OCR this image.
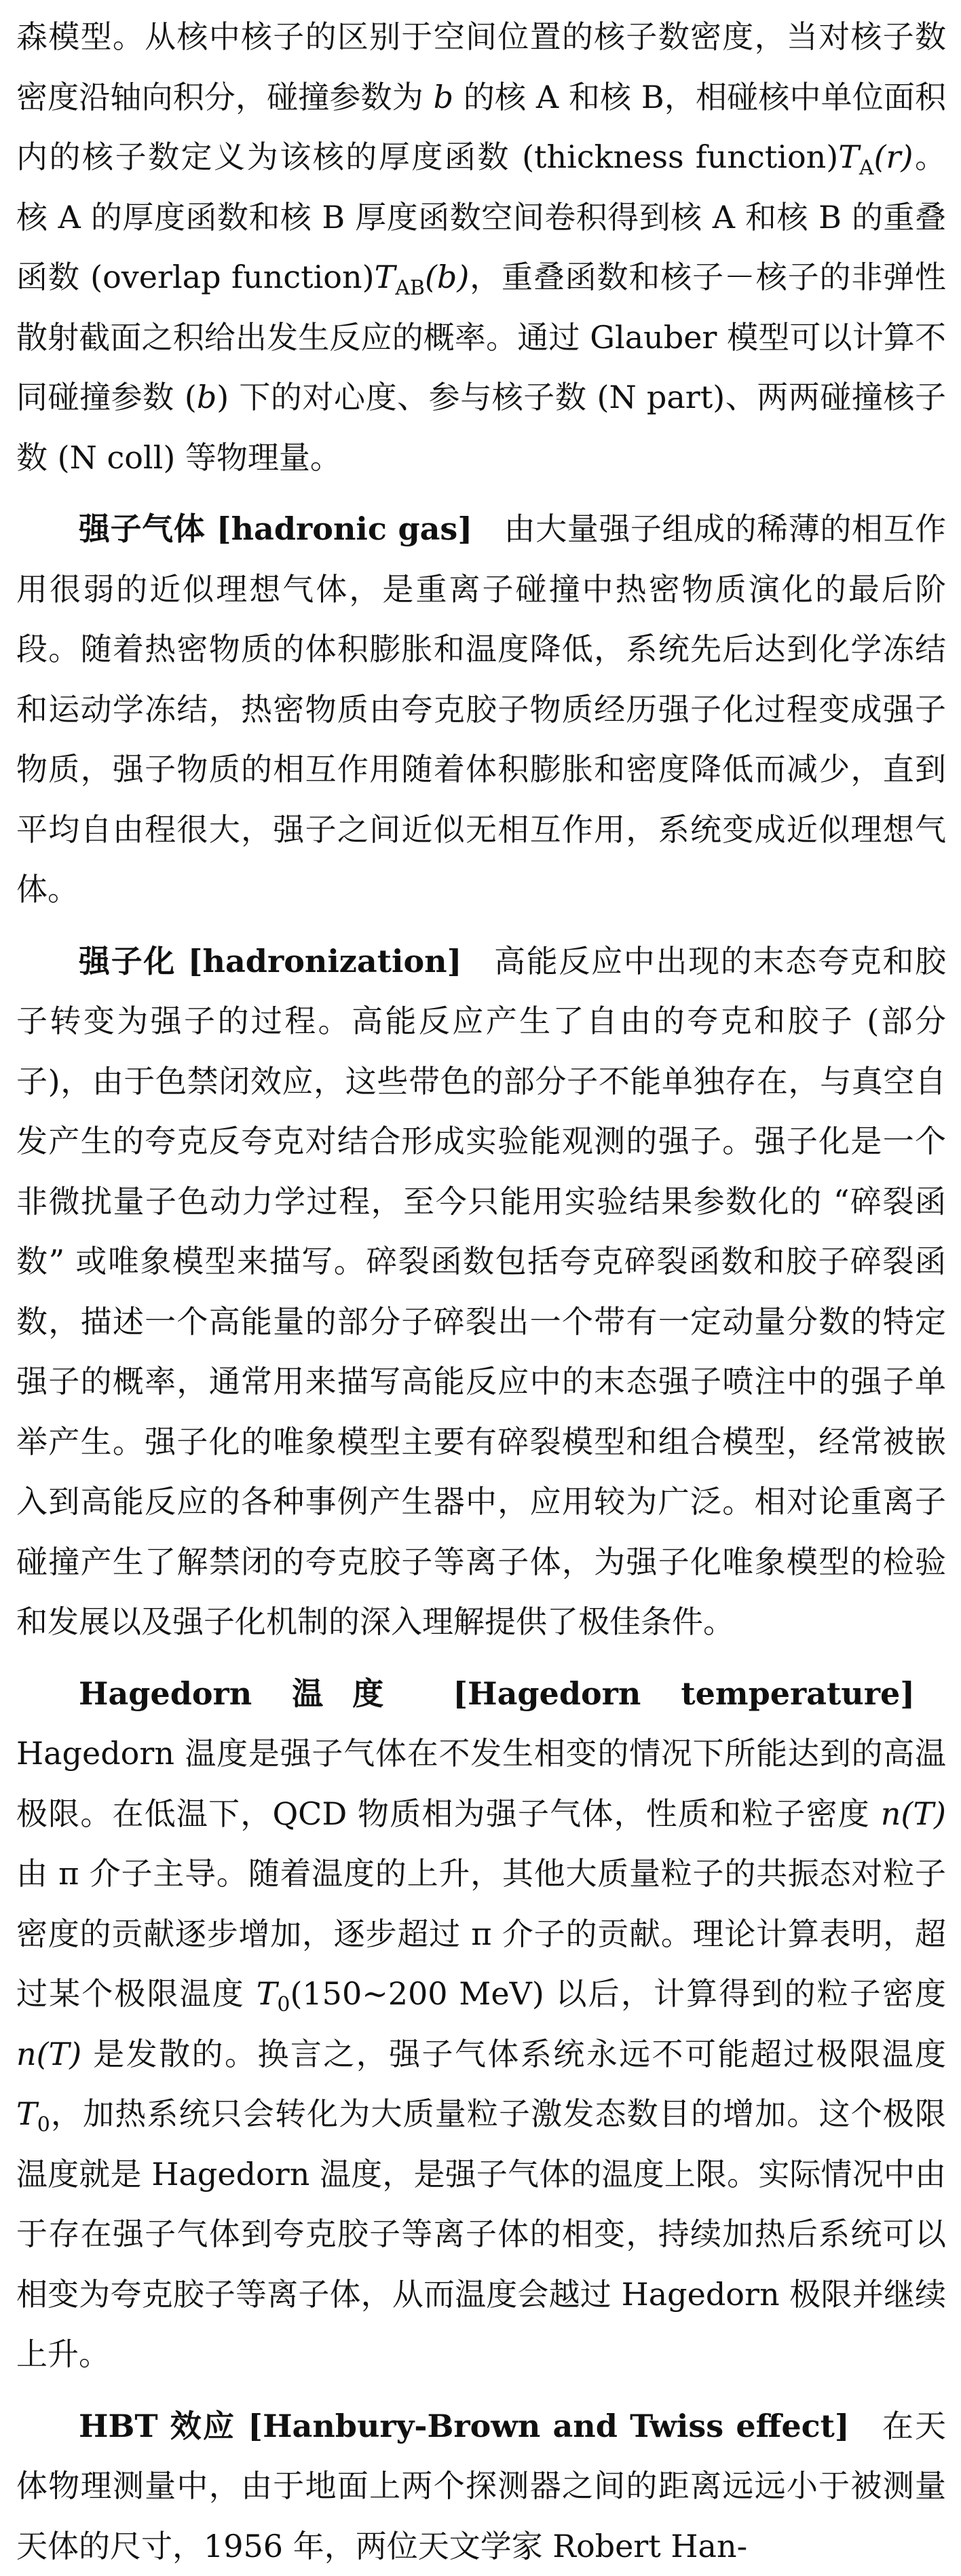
森模型。从核中核子的区别于空间位置的核子数密度，当对核子数密度沿轴向积分，碰撞参数为 b 的核 A 和核 B，相碰核中单位面积内的核子数定义为该核的厚度函数 (thickness $function)T_A(r)$。核 A 的厚度函数和核 B 厚度函数空间卷积得到核 A 和核 B 的重叠函数 (overlap $function)T_{AB}(b)$，重叠函数和核子－核子的非弹性散射截面之积给出发生反应的概率。通过 Glauber 模型可以计算不同碰撞参数 (b) 下的对心度、参与核子数 (N part)、两两碰撞核子数 (N coll) 等物理量。

强子气体 [hadronic gas] 由大量强子组成的稀薄的相互作用很弱的近似理想气体，是重离子碰撞中热密物质演化的最后阶段。随着热密物质的体积膨胀和温度降低，系统先后达到化学冻结和运动学冻结，热密物质由夸克胶子物质经历强子化过程变成强子物质，强子物质的相互作用随着体积膨胀和密度降低而减少，直到平均自由程很大，强子之间近似无相互作用，系统变成近似理想气体。

强子化 [hadronization] 高能反应中出现的末态夸克和胶子转变为强子的过程。高能反应产生了自由的夸克和胶子 (部分子)，由于色禁闭效应，这些带色的部分子不能单独存在，与真空自发产生的夸克反夸克对结合形成实验能观测的强子。强子化是一个非微扰量子色动力学过程，至今只能用实验结果参数化的 “碎裂函数” 或唯象模型来描写。碎裂函数包括夸克碎裂函数和胶子碎裂函数，描述一个高能量的部分子碎裂出一个带有一定动量分数的特定强子的概率，通常用来描写高能反应中的末态强子喷注中的强子单举产生。强子化的唯象模型主要有碎裂模型和组合模型，经常被嵌入到高能反应的各种事例产生器中，应用较为广泛。相对论重离子碰撞产生了解禁闭的夸克胶子等离子体，为强子化唯象模型的检验和发展以及强子化机制的深入理解提供了极佳条件。

Hagedorn 温度 [Hagedorn temperature]Hagedorn 温度是强子气体在不发生相变的情况下所能达到的高温极限。在低温下，QCD 物质相为强子气体，性质和粒子密度 n(T) 由 π 介子主导。随着温度的上升，其他大质量粒子的共振态对粒子密度的贡献逐步增加，逐步超过 π 介子的贡献。理论计算表明，超过某个极限温度 $T_0(150\sim 200$ MeV) 以后，计算得到的粒子密度 n(T) 是发散的。换言之，强子气体系统永远不可能超过极限温度 $T_0$，加热系统只会转化为大质量粒子激发态数目的增加。这个极限温度就是 Hagedorn 温度，是强子气体的温度上限。实际情况中由于存在强子气体到夸克胶子等离子体的相变，持续加热后系统可以相变为夸克胶子等离子体，从而温度会越过 Hagedorn 极限并继续上升。

HBT 效应 [Hanbury-Brown and Twiss effect] 在天体物理测量中，由于地面上两个探测器之间的距离远远小于被测量天体的尺寸，1956 年，两位天文学家 Robert Han-
